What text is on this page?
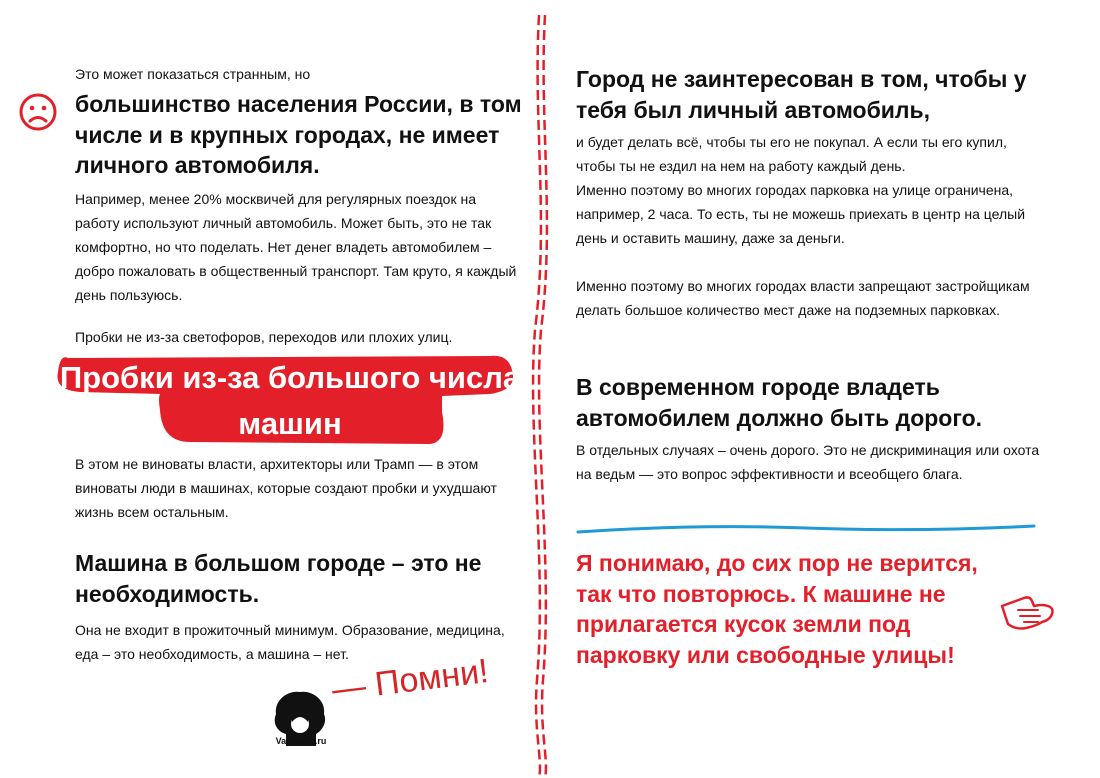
Это может показаться странным, но

большинство населения России, в том числе и в крупных городах, не имеет личного автомобиля.

Например, менее 20% москвичей для регулярных поездок на работу используют личный автомобиль. Может быть, это не так комфортно, но что поделать. Нет денег владеть автомобилем – добро пожаловать в общественный транспорт. Там круто, я каждый день пользуюсь.

Пробки не из-за светофоров, переходов или плохих улиц.

Пробки из-за большого числа машин

В этом не виноваты власти, архитекторы или Трамп — в этом виноваты люди в машинах, которые создают пробки и ухудшают жизнь всем остальным.

Машина в большом городе – это не необходимость.

Она не входит в прожиточный минимум. Образование, медицина, еда – это необходимость, а машина – нет.

Varlamov.ru
— Помни!

Город не заинтересован в том, чтобы у тебя был личный автомобиль,

и будет делать всё, чтобы ты его не покупал. А если ты его купил, чтобы ты не ездил на нем на работу каждый день.

Именно поэтому во многих городах парковка на улице ограничена, например, 2 часа. То есть, ты не можешь приехать в центр на целый день и оставить машину, даже за деньги.

Именно поэтому во многих городах власти запрещают застройщикам делать большое количество мест даже на подземных парковках.

В современном городе владеть автомобилем должно быть дорого.

В отдельных случаях – очень дорого. Это не дискриминация или охота на ведьм — это вопрос эффективности и всеобщего блага.

Я понимаю, до сих пор не верится, так что повторюсь. К машине не прилагается кусок земли под парковку или свободные улицы!
